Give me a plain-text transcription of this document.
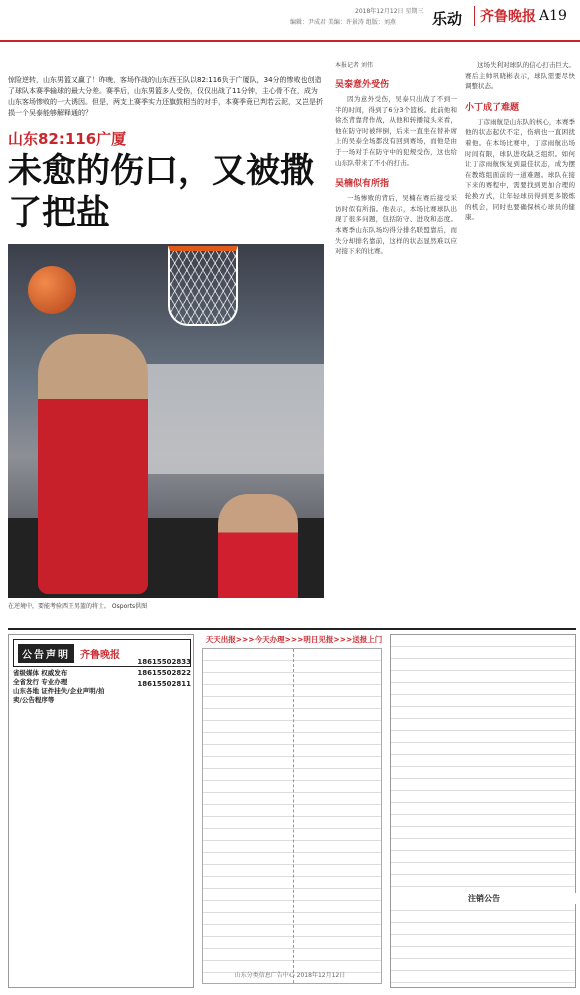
2018年12月12日 星期三
编辑：尹成君 美编：许景涛 组版：刘燕 乐动	齐鲁晚报 A19
惊险逆转，山东男篮又赢了！昨晚，客场作战的山东西王队以82:116负于广厦队，34分的惨败也创造了球队本赛季输球的最大分差。赛季后，山东男篮多人受伤，仅仅出战了11分钟，主心骨不在，成为山东客场惨败的一大诱因。但是，两支上赛季实力还旗鼓相当的对手，本赛季竟已判若云泥，又岂是折损一个吴泰能够解释通的？
山东82:116广厦
未愈的伤口，又被撒了把盐
在逆境中，要能考验西王男篮的将士。 Osports供图
本报记者 刘伟
吴泰意外受伤
因为意外受伤，吴泰只出战了不到一半的时间，得到了6分3个篮板。此前他和徐杰背靠背作战，从他和转播镜头来看，他在防守时被绊倒，后来一直坐在替补席上的吴泰全场都没有回到赛场，而他是由于一场对手在防守中的犯规受伤，这也给山东队带来了不小的打击。
吴楠似有所指
一场惨败的背后，吴楠在赛后接受采访时似有所指。他表示，本场比赛球队出现了很多问题，包括防守、进攻和态度。本赛季山东队场均得分排名联盟靠后，而失分却排名靠前，这样的状态显然难以应对接下来的比赛。
这场失利对球队的信心打击巨大。赛后主帅巩晓彬表示，球队需要尽快调整状态。
小丁成了难题
丁彦雨航是山东队的核心，本赛季他的状态起伏不定，伤病也一直困扰着他。在本场比赛中，丁彦雨航出场时间有限，球队进攻缺乏组织。如何让丁彦雨航恢复到最佳状态，成为摆在教练组面前的一道难题。球队在接下来的赛程中，需要找到更加合理的轮换方式，让年轻球员得到更多锻炼的机会，同时也要确保核心球员的健康。
公告声明	齐鲁晚报
省级媒体 权威发布
全省发行 专业办理
山东各地 证件挂失/企业声明/拍卖/公告程序等
18615502833
18615502822
18615502811
天天出报>>>今天办理>>>明日见报>>>送报上门
注销公告
山东分类信息广告中心 2018年12月12日
